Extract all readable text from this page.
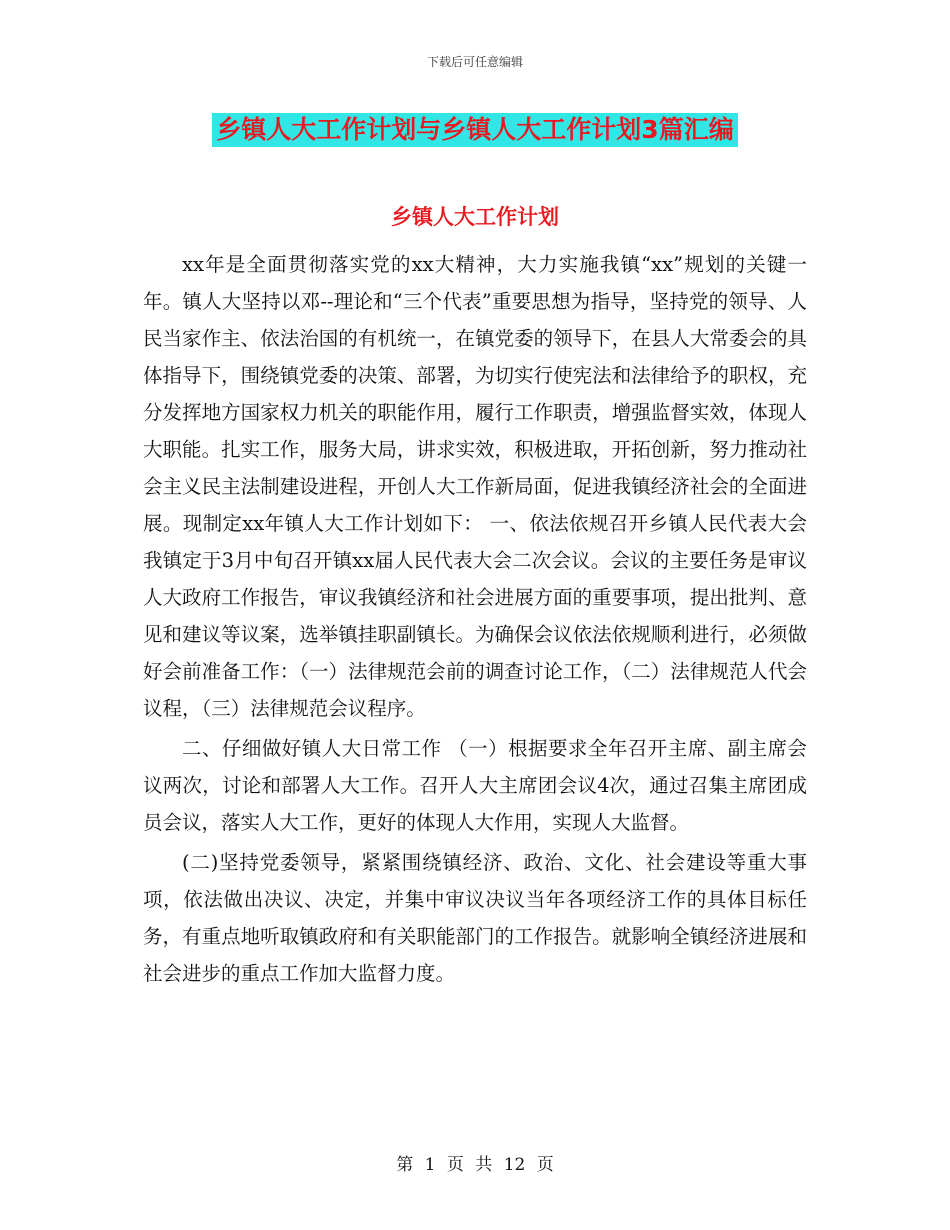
下载后可任意编辑
乡镇人大工作计划与乡镇人大工作计划3篇汇编
乡镇人大工作计划

xx年是全面贯彻落实党的xx大精神，大力实施我镇“xx”规划的关键一年。镇人大坚持以邓--理论和“三个代表”重要思想为指导，坚持党的领导、人民当家作主、依法治国的有机统一，在镇党委的领导下，在县人大常委会的具体指导下，围绕镇党委的决策、部署，为切实行使宪法和法律给予的职权，充分发挥地方国家权力机关的职能作用，履行工作职责，增强监督实效，体现人大职能。扎实工作，服务大局，讲求实效，积极进取，开拓创新，努力推动社会主义民主法制建设进程，开创人大工作新局面，促进我镇经济社会的全面进展。现制定xx年镇人大工作计划如下： 一、依法依规召开乡镇人民代表大会 我镇定于3月中旬召开镇xx届人民代表大会二次会议。会议的主要任务是审议人大政府工作报告，审议我镇经济和社会进展方面的重要事项，提出批判、意见和建议等议案，选举镇挂职副镇长。为确保会议依法依规顺利进行，必须做好会前准备工作：（一）法律规范会前的调查讨论工作，（二）法律规范人代会议程，（三）法律规范会议程序。

二、仔细做好镇人大日常工作 （一）根据要求全年召开主席、副主席会议两次，讨论和部署人大工作。召开人大主席团会议4次，通过召集主席团成员会议，落实人大工作，更好的体现人大作用，实现人大监督。

(二)坚持党委领导，紧紧围绕镇经济、政治、文化、社会建设等重大事项，依法做出决议、决定，并集中审议决议当年各项经济工作的具体目标任务，有重点地听取镇政府和有关职能部门的工作报告。就影响全镇经济进展和社会进步的重点工作加大监督力度。

第 1 页 共 12 页
